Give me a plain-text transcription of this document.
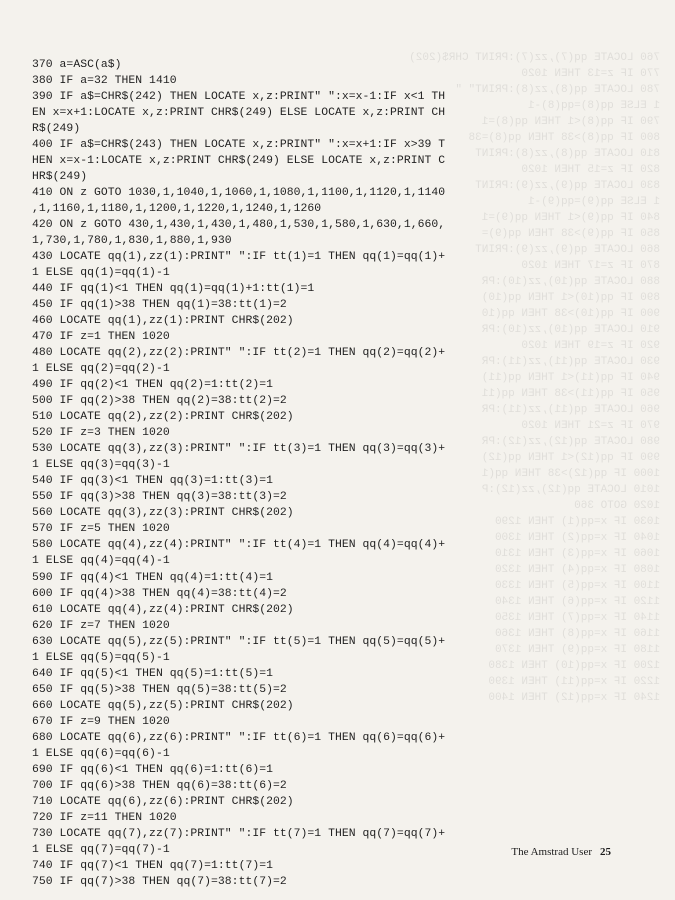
760 LOCATE qq(7),zz(7):PRINT CHR$(202)
770 IF z=13 THEN 1020
780 LOCATE qq(8),zz(8):PRINT" "
1 ELSE qq(8)=qq(8)-1
790 IF qq(8)<1 THEN qq(8)=1
800 IF qq(8)>38 THEN qq(8)=38
810 LOCATE qq(8),zz(8):PRINT
820 IF z=15 THEN 1020
830 LOCATE qq(9),zz(9):PRINT
1 ELSE qq(9)=qq(9)-1
840 IF qq(9)<1 THEN qq(9)=1
850 IF qq(9)>38 THEN qq(9)=
860 LOCATE qq(9),zz(9):PRINT
870 IF z=17 THEN 1020
880 LOCATE qq(10),zz(10):PR
890 IF qq(10)<1 THEN qq(10)
900 IF qq(10)>38 THEN qq(10
910 LOCATE qq(10),zz(10):PR
920 IF z=19 THEN 1020
930 LOCATE qq(11),zz(11):PR
940 IF qq(11)<1 THEN qq(11)
950 IF qq(11)>38 THEN qq(11
960 LOCATE qq(11),zz(11):PR
970 IF z=21 THEN 1020
980 LOCATE qq(12),zz(12):PR
990 IF qq(12)<1 THEN qq(12)
1000 IF qq(12)>38 THEN qq(1
1010 LOCATE qq(12),zz(12):P
1020 GOTO 360
1030 IF x=qq(1) THEN 1290
1040 IF x=qq(2) THEN 1300
1060 IF x=qq(3) THEN 1310
1080 IF x=qq(4) THEN 1320
1100 IF x=qq(5) THEN 1330
1120 IF x=qq(6) THEN 1340
1140 IF x=qq(7) THEN 1350
1160 IF x=qq(8) THEN 1360
1180 IF x=qq(9) THEN 1370
1200 IF x=qq(10) THEN 1380
1220 IF x=qq(11) THEN 1390
1240 IF x=qq(12) THEN 1400
370 a=ASC(a$)
380 IF a=32 THEN 1410
390 IF a$=CHR$(242) THEN LOCATE x,z:PRINT" ":x=x-1:IF x<1 TH
EN x=x+1:LOCATE x,z:PRINT CHR$(249) ELSE LOCATE x,z:PRINT CH
R$(249)
400 IF a$=CHR$(243) THEN LOCATE x,z:PRINT" ":x=x+1:IF x>39 T
HEN x=x-1:LOCATE x,z:PRINT CHR$(249) ELSE LOCATE x,z:PRINT C
HR$(249)
410 ON z GOTO 1030,1,1040,1,1060,1,1080,1,1100,1,1120,1,1140
,1,1160,1,1180,1,1200,1,1220,1,1240,1,1260
420 ON z GOTO 430,1,430,1,430,1,480,1,530,1,580,1,630,1,660,
1,730,1,780,1,830,1,880,1,930
430 LOCATE qq(1),zz(1):PRINT" ":IF tt(1)=1 THEN qq(1)=qq(1)+
1 ELSE qq(1)=qq(1)-1
440 IF qq(1)<1 THEN qq(1)=qq(1)+1:tt(1)=1
450 IF qq(1)>38 THEN qq(1)=38:tt(1)=2
460 LOCATE qq(1),zz(1):PRINT CHR$(202)
470 IF z=1 THEN 1020
480 LOCATE qq(2),zz(2):PRINT" ":IF tt(2)=1 THEN qq(2)=qq(2)+
1 ELSE qq(2)=qq(2)-1
490 IF qq(2)<1 THEN qq(2)=1:tt(2)=1
500 IF qq(2)>38 THEN qq(2)=38:tt(2)=2
510 LOCATE qq(2),zz(2):PRINT CHR$(202)
520 IF z=3 THEN 1020
530 LOCATE qq(3),zz(3):PRINT" ":IF tt(3)=1 THEN qq(3)=qq(3)+
1 ELSE qq(3)=qq(3)-1
540 IF qq(3)<1 THEN qq(3)=1:tt(3)=1
550 IF qq(3)>38 THEN qq(3)=38:tt(3)=2
560 LOCATE qq(3),zz(3):PRINT CHR$(202)
570 IF z=5 THEN 1020
580 LOCATE qq(4),zz(4):PRINT" ":IF tt(4)=1 THEN qq(4)=qq(4)+
1 ELSE qq(4)=qq(4)-1
590 IF qq(4)<1 THEN qq(4)=1:tt(4)=1
600 IF qq(4)>38 THEN qq(4)=38:tt(4)=2
610 LOCATE qq(4),zz(4):PRINT CHR$(202)
620 IF z=7 THEN 1020
630 LOCATE qq(5),zz(5):PRINT" ":IF tt(5)=1 THEN qq(5)=qq(5)+
1 ELSE qq(5)=qq(5)-1
640 IF qq(5)<1 THEN qq(5)=1:tt(5)=1
650 IF qq(5)>38 THEN qq(5)=38:tt(5)=2
660 LOCATE qq(5),zz(5):PRINT CHR$(202)
670 IF z=9 THEN 1020
680 LOCATE qq(6),zz(6):PRINT" ":IF tt(6)=1 THEN qq(6)=qq(6)+
1 ELSE qq(6)=qq(6)-1
690 IF qq(6)<1 THEN qq(6)=1:tt(6)=1
700 IF qq(6)>38 THEN qq(6)=38:tt(6)=2
710 LOCATE qq(6),zz(6):PRINT CHR$(202)
720 IF z=11 THEN 1020
730 LOCATE qq(7),zz(7):PRINT" ":IF tt(7)=1 THEN qq(7)=qq(7)+
1 ELSE qq(7)=qq(7)-1
740 IF qq(7)<1 THEN qq(7)=1:tt(7)=1
750 IF qq(7)>38 THEN qq(7)=38:tt(7)=2
The Amstrad User 25
